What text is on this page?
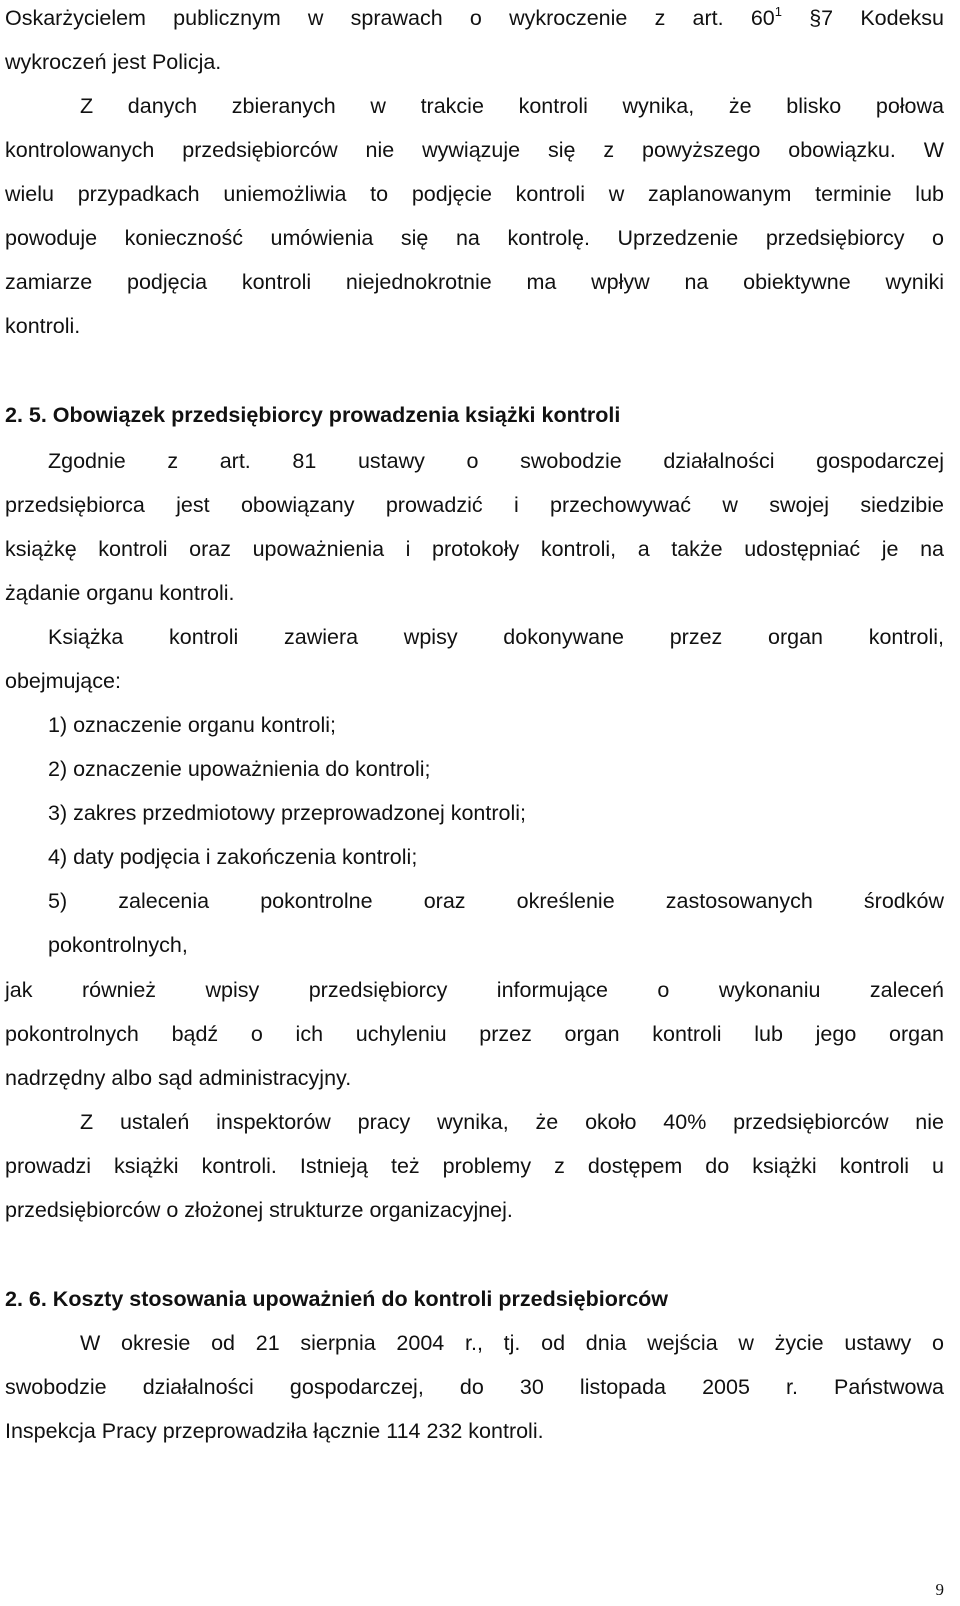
Oskarżycielem publicznym w sprawach o wykroczenie z art. $60^1$ §7 Kodeksu
wykroczeń jest Policja.
Z danych zbieranych w trakcie kontroli wynika, że blisko połowa
kontrolowanych przedsiębiorców nie wywiązuje się z powyższego obowiązku. W
wielu przypadkach uniemożliwia to podjęcie kontroli w zaplanowanym terminie lub
powoduje konieczność umówienia się na kontrolę. Uprzedzenie przedsiębiorcy o
zamiarze podjęcia kontroli niejednokrotnie ma wpływ na obiektywne wyniki
kontroli.
2. 5. Obowiązek przedsiębiorcy prowadzenia książki kontroli
Zgodnie z art. 81 ustawy o swobodzie działalności gospodarczej
przedsiębiorca jest obowiązany prowadzić i przechowywać w swojej siedzibie
książkę kontroli oraz upoważnienia i protokoły kontroli, a także udostępniać je na
żądanie organu kontroli.
Książka kontroli zawiera wpisy dokonywane przez organ kontroli,
obejmujące:
1) oznaczenie organu kontroli;
2) oznaczenie upoważnienia do kontroli;
3) zakres przedmiotowy przeprowadzonej kontroli;
4) daty podjęcia i zakończenia kontroli;
5) zalecenia pokontrolne oraz określenie zastosowanych środków
pokontrolnych,
jak również wpisy przedsiębiorcy informujące o wykonaniu zaleceń
pokontrolnych bądź o ich uchyleniu przez organ kontroli lub jego organ
nadrzędny albo sąd administracyjny.
Z ustaleń inspektorów pracy wynika, że około 40% przedsiębiorców nie
prowadzi książki kontroli. Istnieją też problemy z dostępem do książki kontroli u
przedsiębiorców o złożonej strukturze organizacyjnej.
2. 6. Koszty stosowania upoważnień do kontroli przedsiębiorców
W okresie od 21 sierpnia 2004 r., tj. od dnia wejścia w życie ustawy o
swobodzie działalności gospodarczej, do 30 listopada 2005 r. Państwowa
Inspekcja Pracy przeprowadziła łącznie 114 232 kontroli.
9
